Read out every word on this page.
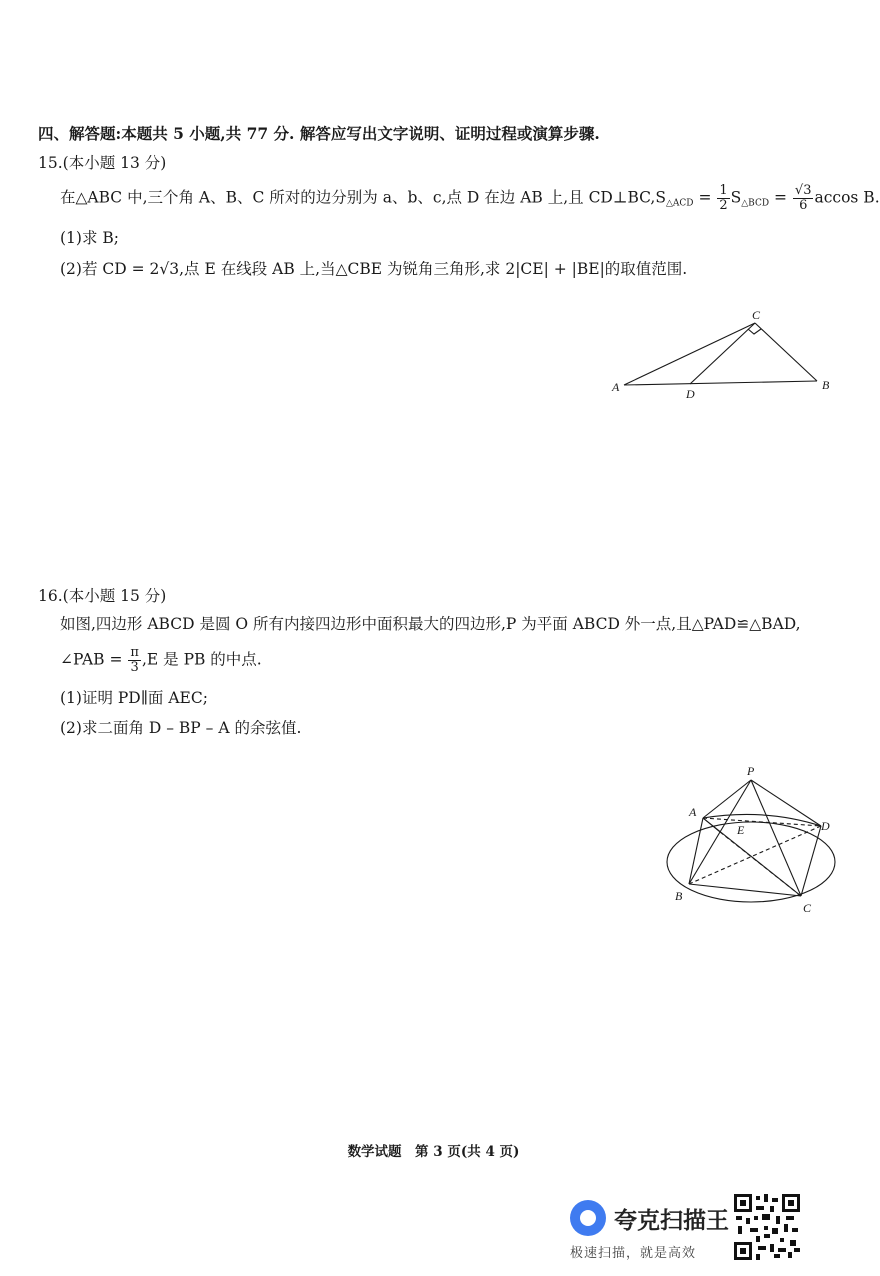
四、解答题:本题共 5 小题,共 77 分. 解答应写出文字说明、证明过程或演算步骤.
15.(本小题 13 分)
在△ABC 中,三个角 A、B、C 所对的边分别为 a、b、c,点 D 在边 AB 上,且 $CD\perp BC,S_{\triangle ACD} = \frac{1}{2} S_{\triangle BCD} = \frac{√3}{6}$ accos B.
(1)求 B;
(2)若 CD = 2√3,点 E 在线段 AB 上,当△CBE 为锐角三角形,求 2|CE| + |BE|的取值范围.
A
C
B
D
16.(本小题 15 分)
如图,四边形 ABCD 是圆 O 所有内接四边形中面积最大的四边形,P 为平面 ABCD 外一点,且△PAD≌△BAD,
∠PAB = $\frac{\pi}{3} ,E$ 是 PB 的中点.
(1)证明 PD∥面 AEC;
(2)求二面角 D – BP – A 的余弦值.
P
A
E	D
B
C
数学试题　第 3 页(共 4 页)
夸克扫描王
极速扫描，就是高效
